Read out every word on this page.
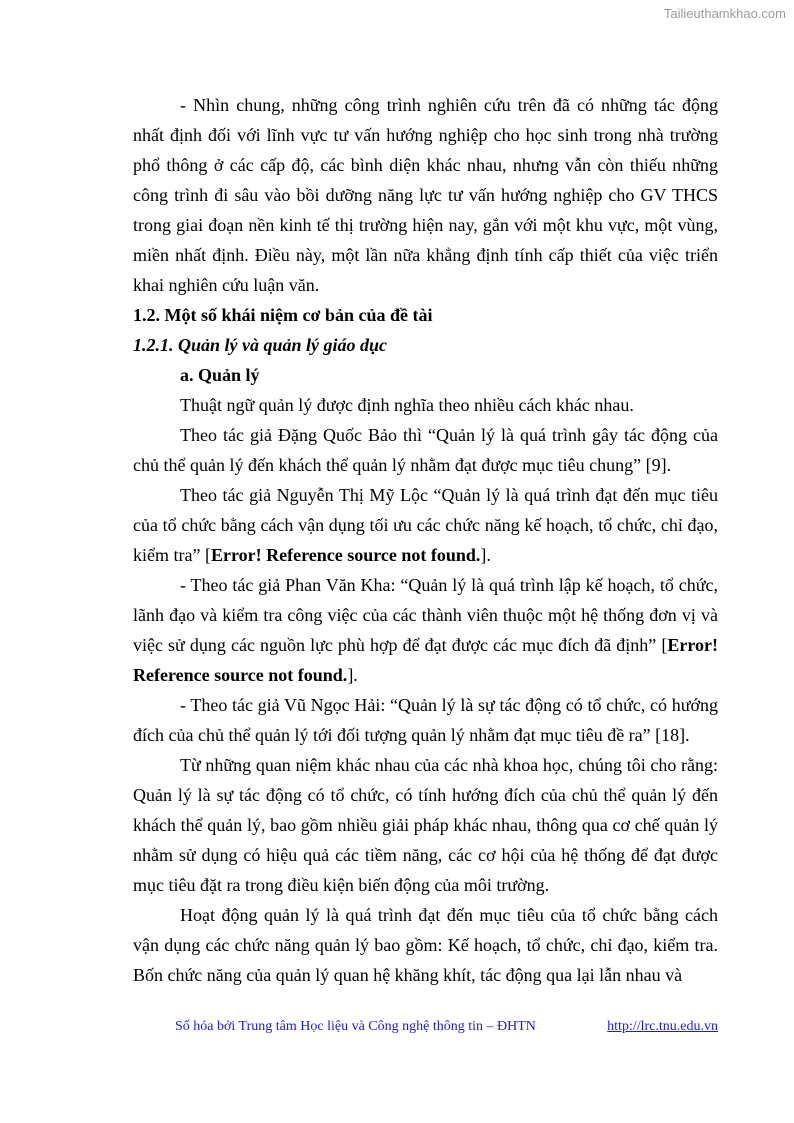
Tailieuthamkhao.com

- Nhìn chung, những công trình nghiên cứu trên đã có những tác động nhất định đối với lĩnh vực tư vấn hướng nghiệp cho học sinh trong nhà trường phổ thông ở các cấp độ, các bình diện khác nhau, nhưng vẫn còn thiếu những công trình đi sâu vào bồi dưỡng năng lực tư vấn hướng nghiệp cho GV THCS trong giai đoạn nền kinh tế thị trường hiện nay, gắn với một khu vực, một vùng, miền nhất định. Điều này, một lần nữa khẳng định tính cấp thiết của việc triển khai nghiên cứu luận văn.

1.2. Một số khái niệm cơ bản của đề tài

1.2.1. Quản lý và quản lý giáo dục

a. Quản lý

Thuật ngữ quản lý được định nghĩa theo nhiều cách khác nhau.

Theo tác giả Đặng Quốc Bảo thì “Quản lý là quá trình gây tác động của chủ thể quản lý đến khách thể quản lý nhằm đạt được mục tiêu chung” [9].

Theo tác giả Nguyễn Thị Mỹ Lộc “Quản lý là quá trình đạt đến mục tiêu của tổ chức bằng cách vận dụng tối ưu các chức năng kế hoạch, tổ chức, chỉ đạo, kiểm tra” [Error! Reference source not found.].

- Theo tác giả Phan Văn Kha: “Quản lý là quá trình lập kế hoạch, tổ chức, lãnh đạo và kiểm tra công việc của các thành viên thuộc một hệ thống đơn vị và việc sử dụng các nguồn lực phù hợp để đạt được các mục đích đã định” [Error! Reference source not found.].

- Theo tác giả Vũ Ngọc Hải: “Quản lý là sự tác động có tổ chức, có hướng đích của chủ thể quản lý tới đối tượng quản lý nhằm đạt mục tiêu đề ra” [18].

Từ những quan niệm khác nhau của các nhà khoa học, chúng tôi cho rằng: Quản lý là sự tác động có tổ chức, có tính hướng đích của chủ thể quản lý đến khách thể quản lý, bao gồm nhiều giải pháp khác nhau, thông qua cơ chế quản lý nhằm sử dụng có hiệu quả các tiềm năng, các cơ hội của hệ thống để đạt được mục tiêu đặt ra trong điều kiện biến động của môi trường.

Hoạt động quản lý là quá trình đạt đến mục tiêu của tổ chức bằng cách vận dụng các chức năng quản lý bao gồm: Kế hoạch, tổ chức, chỉ đạo, kiểm tra. Bốn chức năng của quản lý quan hệ khăng khít, tác động qua lại lẫn nhau và

Số hóa bởi Trung tâm Học liệu và Công nghệ thông tin – ĐHTN	http://lrc.tnu.edu.vn
